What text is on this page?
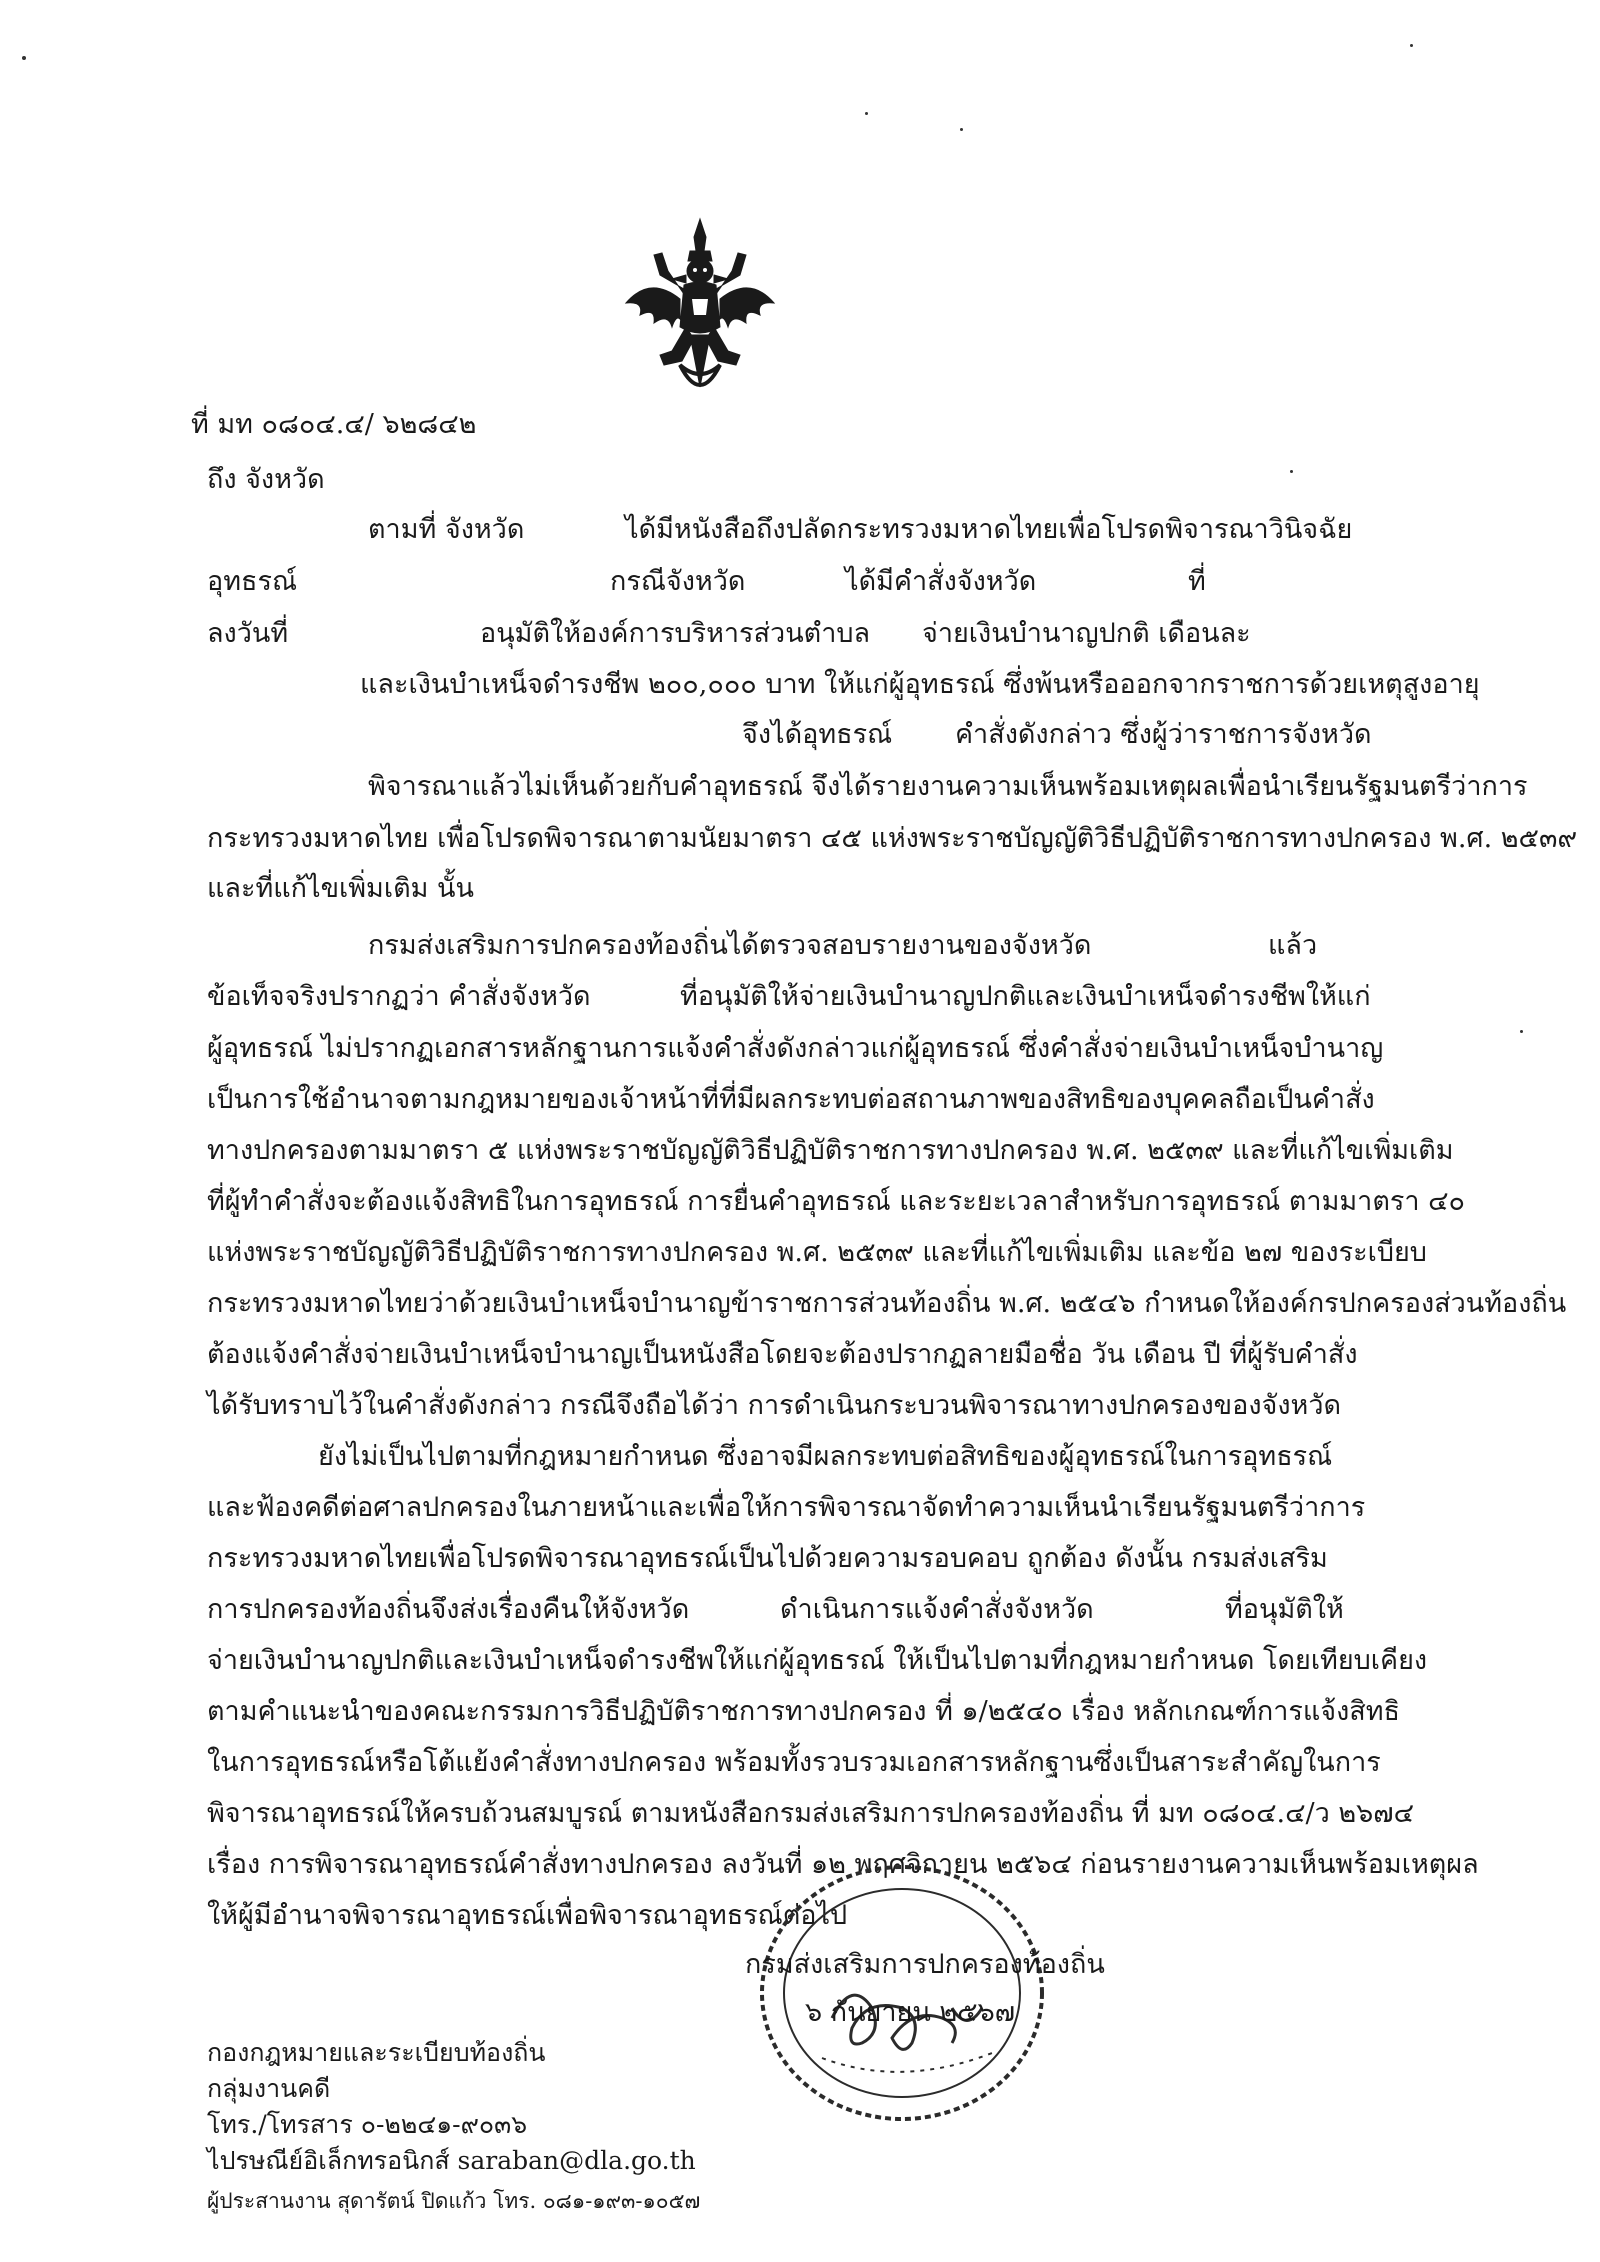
ที่ มท ๐๘๐๔.๔/ ๖๒๘๔๒
ถึง จังหวัด
ตามที่ จังหวัด	ได้มีหนังสือถึงปลัดกระทรวงมหาดไทยเพื่อโปรดพิจารณาวินิจฉัย
อุทธรณ์	กรณีจังหวัด	ได้มีคำสั่งจังหวัด	ที่
ลงวันที่	อนุมัติให้องค์การบริหารส่วนตำบล จ่ายเงินบำนาญปกติ เดือนละ
และเงินบำเหน็จดำรงชีพ ๒๐๐,๐๐๐ บาท ให้แก่ผู้อุทธรณ์ ซึ่งพ้นหรือออกจากราชการด้วยเหตุสูงอายุ
จึงได้อุทธรณ์ คำสั่งดังกล่าว ซึ่งผู้ว่าราชการจังหวัด
พิจารณาแล้วไม่เห็นด้วยกับคำอุทธรณ์ จึงได้รายงานความเห็นพร้อมเหตุผลเพื่อนำเรียนรัฐมนตรีว่าการ
กระทรวงมหาดไทย เพื่อโปรดพิจารณาตามนัยมาตรา ๔๕ แห่งพระราชบัญญัติวิธีปฏิบัติราชการทางปกครอง พ.ศ. ๒๕๓๙
และที่แก้ไขเพิ่มเติม นั้น
กรมส่งเสริมการปกครองท้องถิ่นได้ตรวจสอบรายงานของจังหวัด	แล้ว
ข้อเท็จจริงปรากฏว่า คำสั่งจังหวัด	ที่อนุมัติให้จ่ายเงินบำนาญปกติและเงินบำเหน็จดำรงชีพให้แก่
ผู้อุทธรณ์ ไม่ปรากฏเอกสารหลักฐานการแจ้งคำสั่งดังกล่าวแก่ผู้อุทธรณ์ ซึ่งคำสั่งจ่ายเงินบำเหน็จบำนาญ
เป็นการใช้อำนาจตามกฎหมายของเจ้าหน้าที่ที่มีผลกระทบต่อสถานภาพของสิทธิของบุคคลถือเป็นคำสั่ง
ทางปกครองตามมาตรา ๕ แห่งพระราชบัญญัติวิธีปฏิบัติราชการทางปกครอง พ.ศ. ๒๕๓๙ และที่แก้ไขเพิ่มเติม
ที่ผู้ทำคำสั่งจะต้องแจ้งสิทธิในการอุทธรณ์ การยื่นคำอุทธรณ์ และระยะเวลาสำหรับการอุทธรณ์ ตามมาตรา ๔๐
แห่งพระราชบัญญัติวิธีปฏิบัติราชการทางปกครอง พ.ศ. ๒๕๓๙ และที่แก้ไขเพิ่มเติม และข้อ ๒๗ ของระเบียบ
กระทรวงมหาดไทยว่าด้วยเงินบำเหน็จบำนาญข้าราชการส่วนท้องถิ่น พ.ศ. ๒๕๔๖ กำหนดให้องค์กรปกครองส่วนท้องถิ่น
ต้องแจ้งคำสั่งจ่ายเงินบำเหน็จบำนาญเป็นหนังสือโดยจะต้องปรากฏลายมือชื่อ วัน เดือน ปี ที่ผู้รับคำสั่ง
ได้รับทราบไว้ในคำสั่งดังกล่าว กรณีจึงถือได้ว่า การดำเนินกระบวนพิจารณาทางปกครองของจังหวัด
ยังไม่เป็นไปตามที่กฎหมายกำหนด ซึ่งอาจมีผลกระทบต่อสิทธิของผู้อุทธรณ์ในการอุทธรณ์
และฟ้องคดีต่อศาลปกครองในภายหน้าและเพื่อให้การพิจารณาจัดทำความเห็นนำเรียนรัฐมนตรีว่าการ
กระทรวงมหาดไทยเพื่อโปรดพิจารณาอุทธรณ์เป็นไปด้วยความรอบคอบ ถูกต้อง ดังนั้น กรมส่งเสริม
การปกครองท้องถิ่นจึงส่งเรื่องคืนให้จังหวัด	ดำเนินการแจ้งคำสั่งจังหวัด	ที่อนุมัติให้
จ่ายเงินบำนาญปกติและเงินบำเหน็จดำรงชีพให้แก่ผู้อุทธรณ์ ให้เป็นไปตามที่กฎหมายกำหนด โดยเทียบเคียง
ตามคำแนะนำของคณะกรรมการวิธีปฏิบัติราชการทางปกครอง ที่ ๑/๒๕๔๐ เรื่อง หลักเกณฑ์การแจ้งสิทธิ
ในการอุทธรณ์หรือโต้แย้งคำสั่งทางปกครอง พร้อมทั้งรวบรวมเอกสารหลักฐานซึ่งเป็นสาระสำคัญในการ
พิจารณาอุทธรณ์ให้ครบถ้วนสมบูรณ์ ตามหนังสือกรมส่งเสริมการปกครองท้องถิ่น ที่ มท ๐๘๐๔.๔/ว ๒๖๗๔
เรื่อง การพิจารณาอุทธรณ์คำสั่งทางปกครอง ลงวันที่ ๑๒ พฤศจิกายน ๒๕๖๔ ก่อนรายงานความเห็นพร้อมเหตุผล
ให้ผู้มีอำนาจพิจารณาอุทธรณ์เพื่อพิจารณาอุทธรณ์ต่อไป
กรมส่งเสริมการปกครองท้องถิ่น
๖ กันยายน ๒๕๖๗
กองกฎหมายและระเบียบท้องถิ่น
กลุ่มงานคดี
โทร./โทรสาร ๐-๒๒๔๑-๙๐๓๖
ไปรษณีย์อิเล็กทรอนิกส์ saraban@dla.go.th
ผู้ประสานงาน สุดารัตน์ ปิดแก้ว โทร. ๐๘๑-๑๙๓-๑๐๕๗
